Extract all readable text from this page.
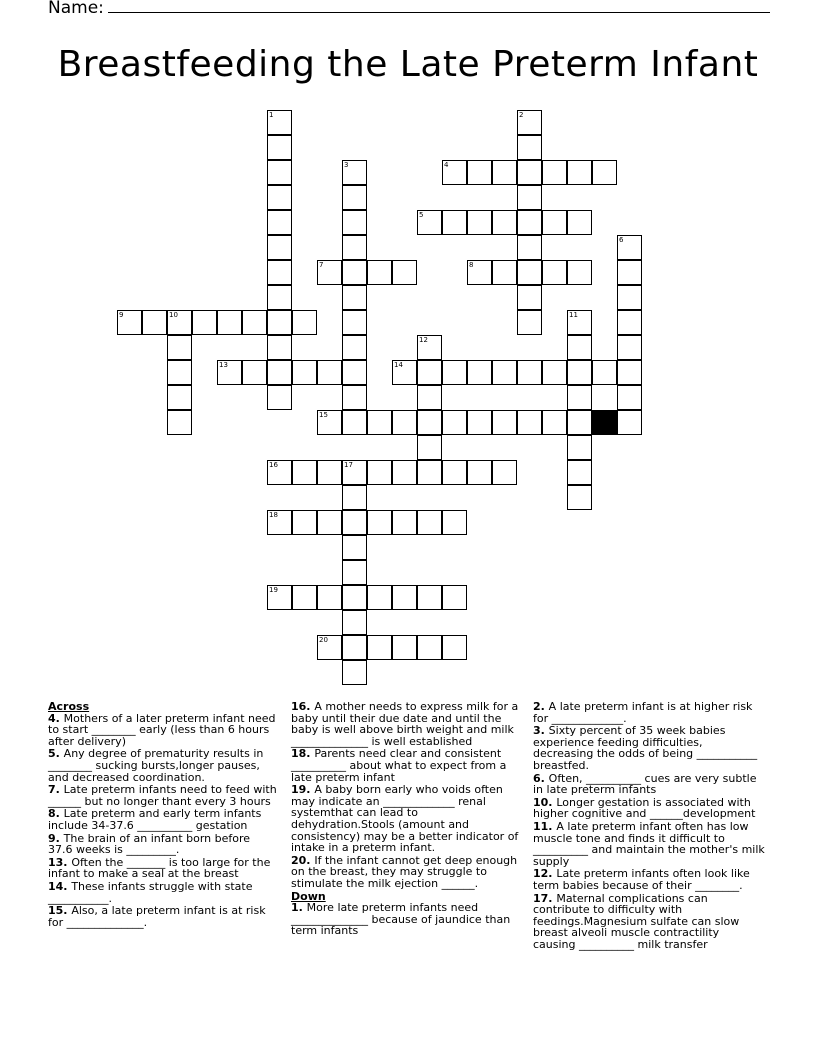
Name:
Breastfeeding the Late Preterm Infant
1	2
3	4
5
6
7	8
9	10	11
12
13	14
15
16	17
18
19
20

Across

4. Mothers of a later preterm infant need to start ________ early (less than 6 hours after delivery)

5. Any degree of prematurity results in ________ sucking bursts,longer pauses, and decreased coordination.

7. Late preterm infants need to feed with ______ but no longer thant every 3 hours

8. Late preterm and early term infants include 34-37.6 __________ gestation

9. The brain of an infant born before 37.6 weeks is _________.

13. Often the _______ is too large for the infant to make a seal at the breast

14. These infants struggle with state ___________.

15. Also, a late preterm infant is at risk for ______________.

16. A mother needs to express milk for a baby until their due date and until the baby is well above birth weight and milk ______________ is well established

18. Parents need clear and consistent __________ about what to expect from a late preterm infant

19. A baby born early who voids often may indicate an _____________ renal systemthat can lead to dehydration.Stools (amount and consistency) may be a better indicator of intake in a preterm infant.

20. If the infant cannot get deep enough on the breast, they may struggle to stimulate the milk ejection ______.

Down

1. More late preterm infants need ______________ because of jaundice than term infants

2. A late preterm infant is at higher risk for _____________.

3. Sixty percent of 35 week babies experience feeding difficulties, decreasing the odds of being ___________ breastfed.

6. Often, __________ cues are very subtle in late preterm infants

10. Longer gestation is associated with higher cognitive and ______development

11. A late preterm infant often has low muscle tone and finds it difficult to __________ and maintain the mother's milk supply

12. Late preterm infants often look like term babies because of their ________.

17. Maternal complications can contribute to difficulty with feedings.Magnesium sulfate can slow breast alveoli muscle contractility causing __________ milk transfer
